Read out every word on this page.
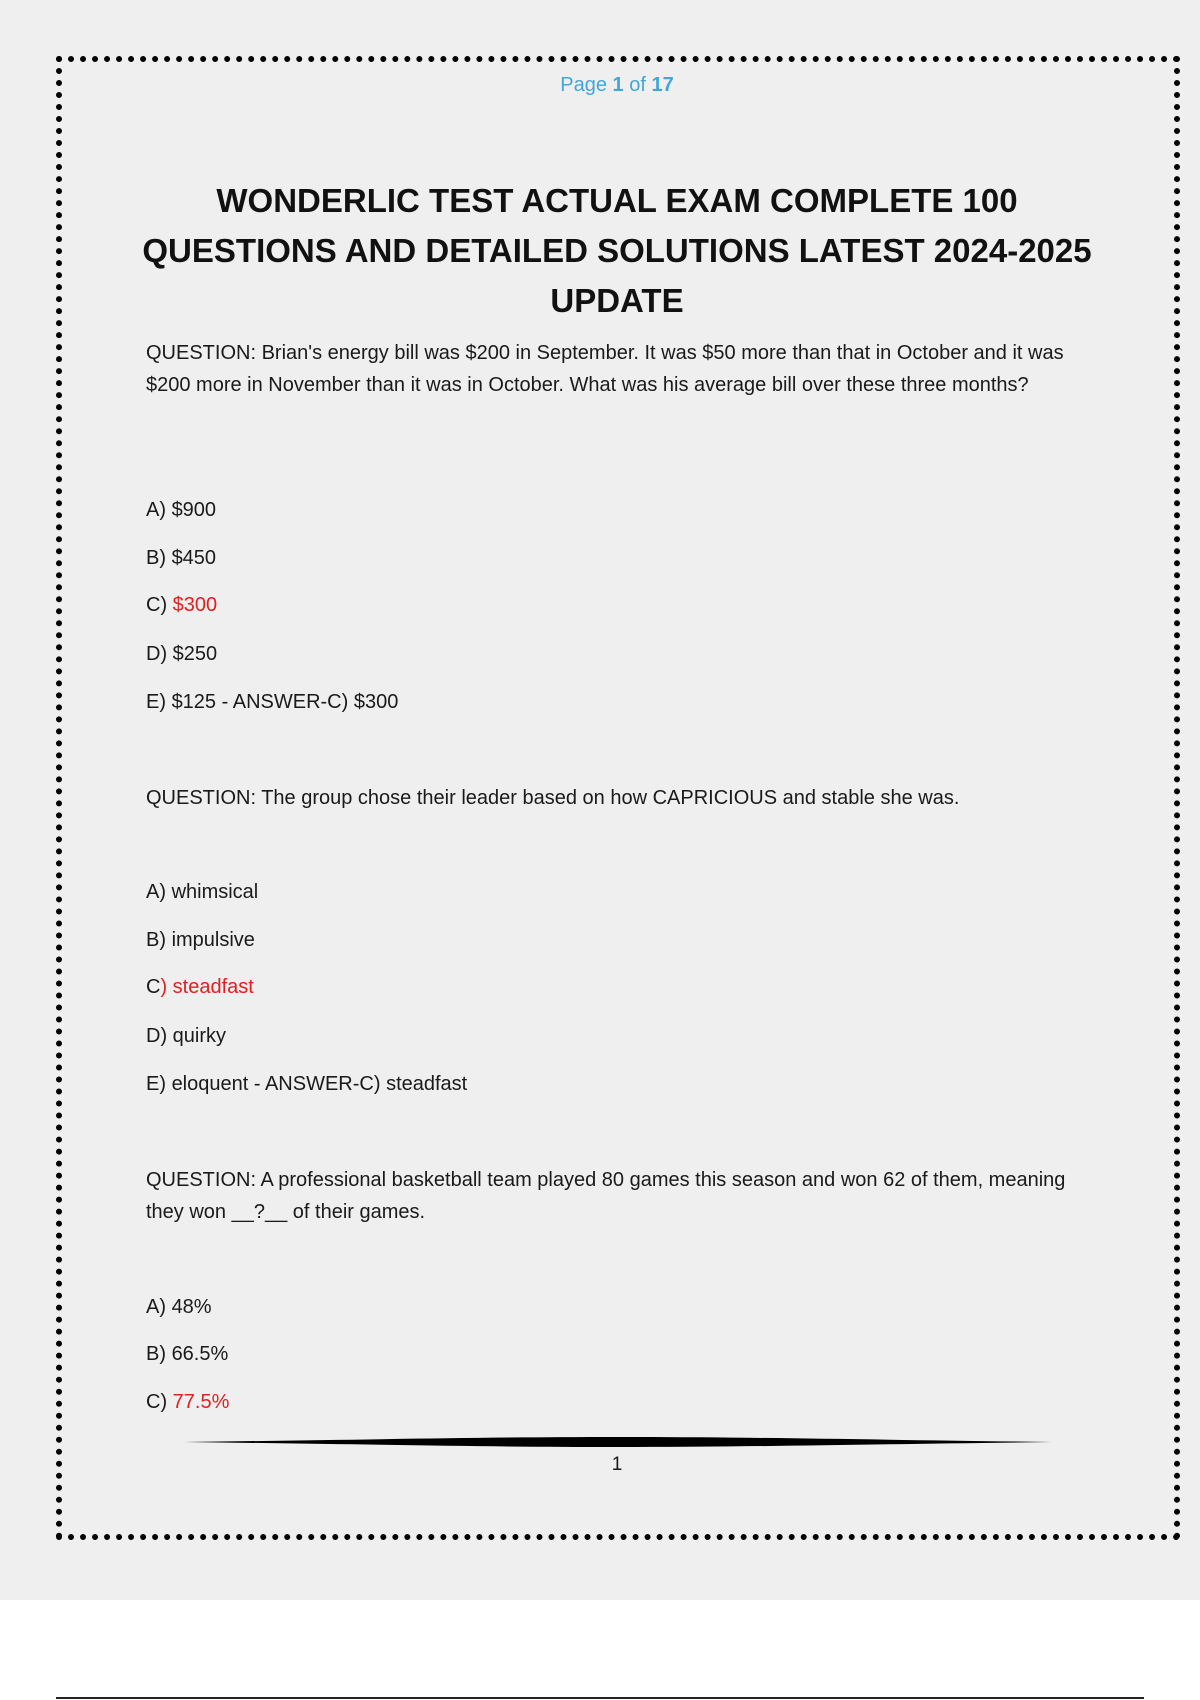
Page 1 of 17
WONDERLIC TEST ACTUAL EXAM COMPLETE 100 QUESTIONS AND DETAILED SOLUTIONS LATEST 2024-2025 UPDATE
QUESTION: Brian's energy bill was $200 in September. It was $50 more than that in October and it was $200 more in November than it was in October. What was his average bill over these three months?
A) $900
B) $450
C) $300
D) $250
E) $125 - ANSWER-C) $300
QUESTION: The group chose their leader based on how CAPRICIOUS and stable she was.
A) whimsical
B) impulsive
C) steadfast
D) quirky
E) eloquent - ANSWER-C) steadfast
QUESTION: A professional basketball team played 80 games this season and won 62 of them, meaning they won __?__ of their games.
A) 48%
B) 66.5%
C) 77.5%
1
